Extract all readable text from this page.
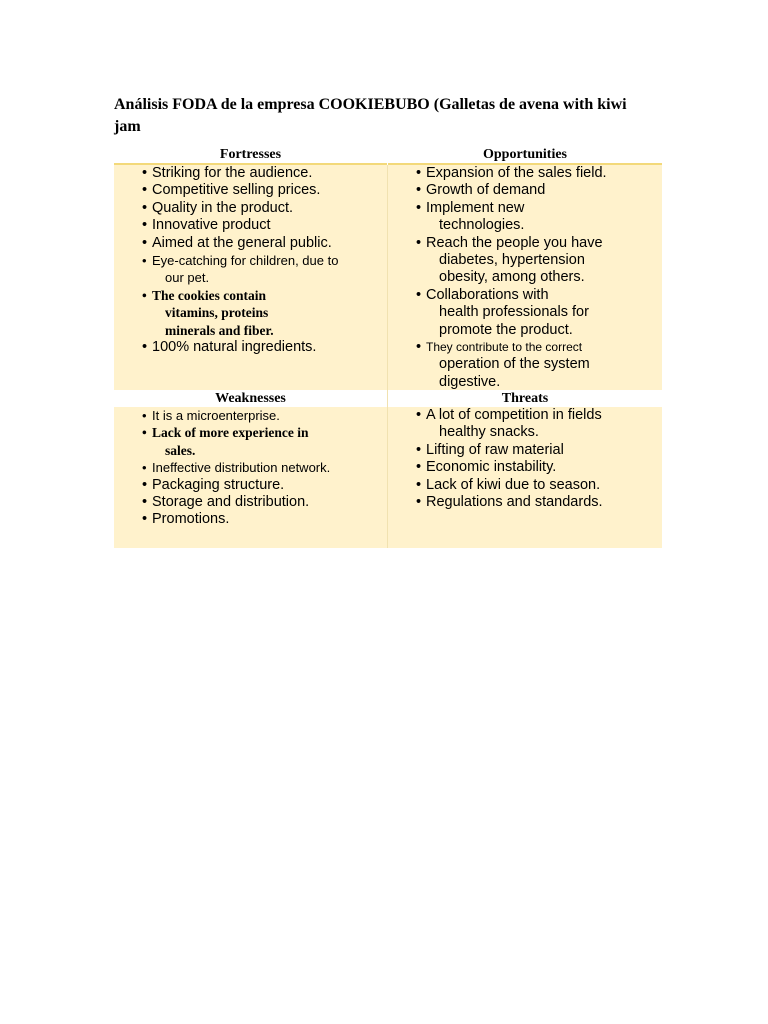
Análisis FODA de la empresa COOKIEBUBO (Galletas de avena with kiwi jam
Fortresses	Opportunities
• Striking for the audience.
• Competitive selling prices.
• Quality in the product.
• Innovative product
• Aimed at the general public.
• Eye-catching for children, due to
our pet.
• The cookies contain
vitamins, proteins
minerals and fiber.
• 100% natural ingredients.
• Expansion of the sales field.
• Growth of demand
• Implement new
technologies.
• Reach the people you have
diabetes, hypertension
obesity, among others.
• Collaborations with
health professionals for
promote the product.
• They contribute to the correct
operation of the system
digestive.
Weaknesses	Threats
• It is a microenterprise.
• Lack of more experience in
sales.
• Ineffective distribution network.
• Packaging structure.
• Storage and distribution.
• Promotions.
• A lot of competition in fields
healthy snacks.
• Lifting of raw material
• Economic instability.
• Lack of kiwi due to season.
• Regulations and standards.
